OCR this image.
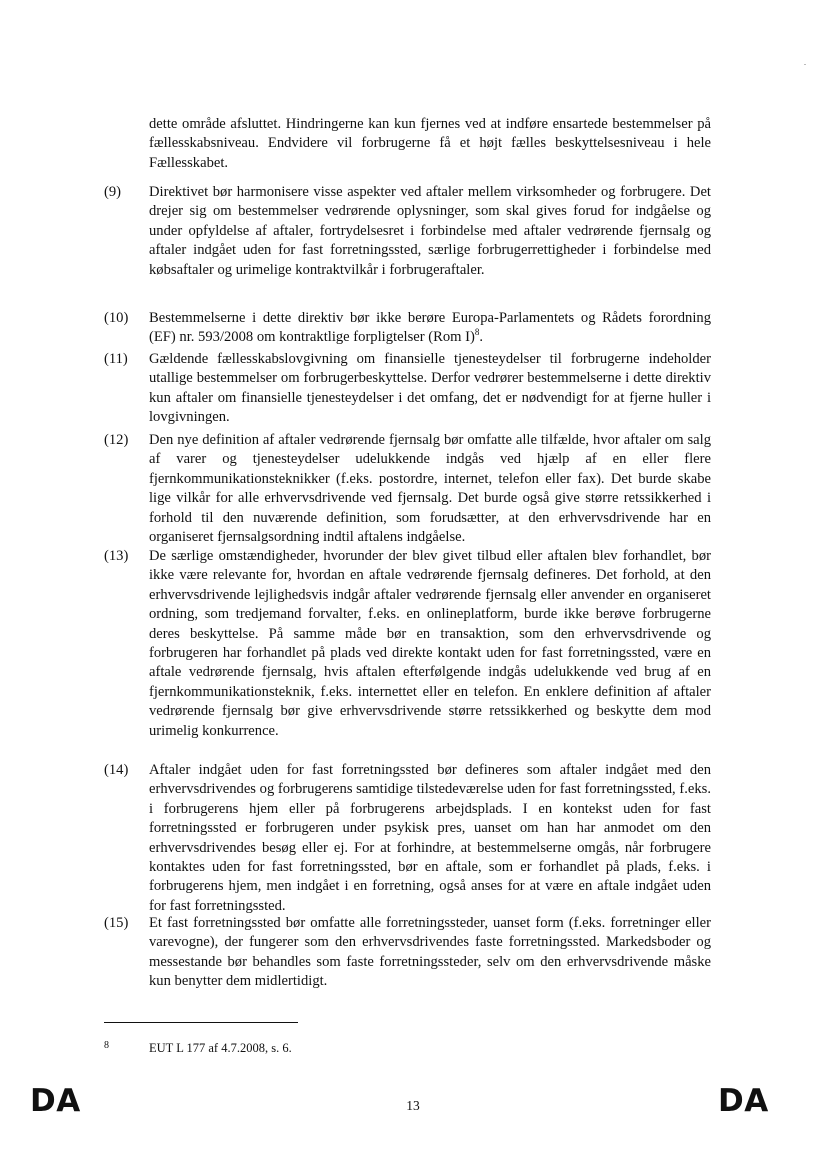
dette område afsluttet. Hindringerne kan kun fjernes ved at indføre ensartede bestemmelser på fællesskabsniveau. Endvidere vil forbrugerne få et højt fælles beskyttelsesniveau i hele Fællesskabet.

(9) Direktivet bør harmonisere visse aspekter ved aftaler mellem virksomheder og forbrugere. Det drejer sig om bestemmelser vedrørende oplysninger, som skal gives forud for indgåelse og under opfyldelse af aftaler, fortrydelsesret i forbindelse med aftaler vedrørende fjernsalg og aftaler indgået uden for fast forretningssted, særlige forbrugerrettigheder i forbindelse med købsaftaler og urimelige kontraktvilkår i forbrugeraftaler.

(10) Bestemmelserne i dette direktiv bør ikke berøre Europa-Parlamentets og Rådets forordning (EF) nr. 593/2008 om kontraktlige forpligtelser (Rom I)$^8$.

(11) Gældende fællesskabslovgivning om finansielle tjenesteydelser til forbrugerne indeholder utallige bestemmelser om forbrugerbeskyttelse. Derfor vedrører bestemmelserne i dette direktiv kun aftaler om finansielle tjenesteydelser i det omfang, det er nødvendigt for at fjerne huller i lovgivningen.

(12) Den nye definition af aftaler vedrørende fjernsalg bør omfatte alle tilfælde, hvor aftaler om salg af varer og tjenesteydelser udelukkende indgås ved hjælp af en eller flere fjernkommunikationsteknikker (f.eks. postordre, internet, telefon eller fax). Det burde skabe lige vilkår for alle erhvervsdrivende ved fjernsalg. Det burde også give større retssikkerhed i forhold til den nuværende definition, som forudsætter, at den erhvervsdrivende har en organiseret fjernsalgsordning indtil aftalens indgåelse.

(13) De særlige omstændigheder, hvorunder der blev givet tilbud eller aftalen blev forhandlet, bør ikke være relevante for, hvordan en aftale vedrørende fjernsalg defineres. Det forhold, at den erhvervsdrivende lejlighedsvis indgår aftaler vedrørende fjernsalg eller anvender en organiseret ordning, som tredjemand forvalter, f.eks. en onlineplatform, burde ikke berøve forbrugerne deres beskyttelse. På samme måde bør en transaktion, som den erhvervsdrivende og forbrugeren har forhandlet på plads ved direkte kontakt uden for fast forretningssted, være en aftale vedrørende fjernsalg, hvis aftalen efterfølgende indgås udelukkende ved brug af en fjernkommunikationsteknik, f.eks. internettet eller en telefon. En enklere definition af aftaler vedrørende fjernsalg bør give erhvervsdrivende større retssikkerhed og beskytte dem mod urimelig konkurrence.

(14) Aftaler indgået uden for fast forretningssted bør defineres som aftaler indgået med den erhvervsdrivendes og forbrugerens samtidige tilstedeværelse uden for fast forretningssted, f.eks. i forbrugerens hjem eller på forbrugerens arbejdsplads. I en kontekst uden for fast forretningssted er forbrugeren under psykisk pres, uanset om han har anmodet om den erhvervsdrivendes besøg eller ej. For at forhindre, at bestemmelserne omgås, når forbrugere kontaktes uden for fast forretningssted, bør en aftale, som er forhandlet på plads, f.eks. i forbrugerens hjem, men indgået i en forretning, også anses for at være en aftale indgået uden for fast forretningssted.

(15) Et fast forretningssted bør omfatte alle forretningssteder, uanset form (f.eks. forretninger eller varevogne), der fungerer som den erhvervsdrivendes faste forretningssted. Markedsboder og messestande bør behandles som faste forretningssteder, selv om den erhvervsdrivende måske kun benytter dem midlertidigt.

8	EUT L 177 af 4.7.2008, s. 6.
DA	13	DA
